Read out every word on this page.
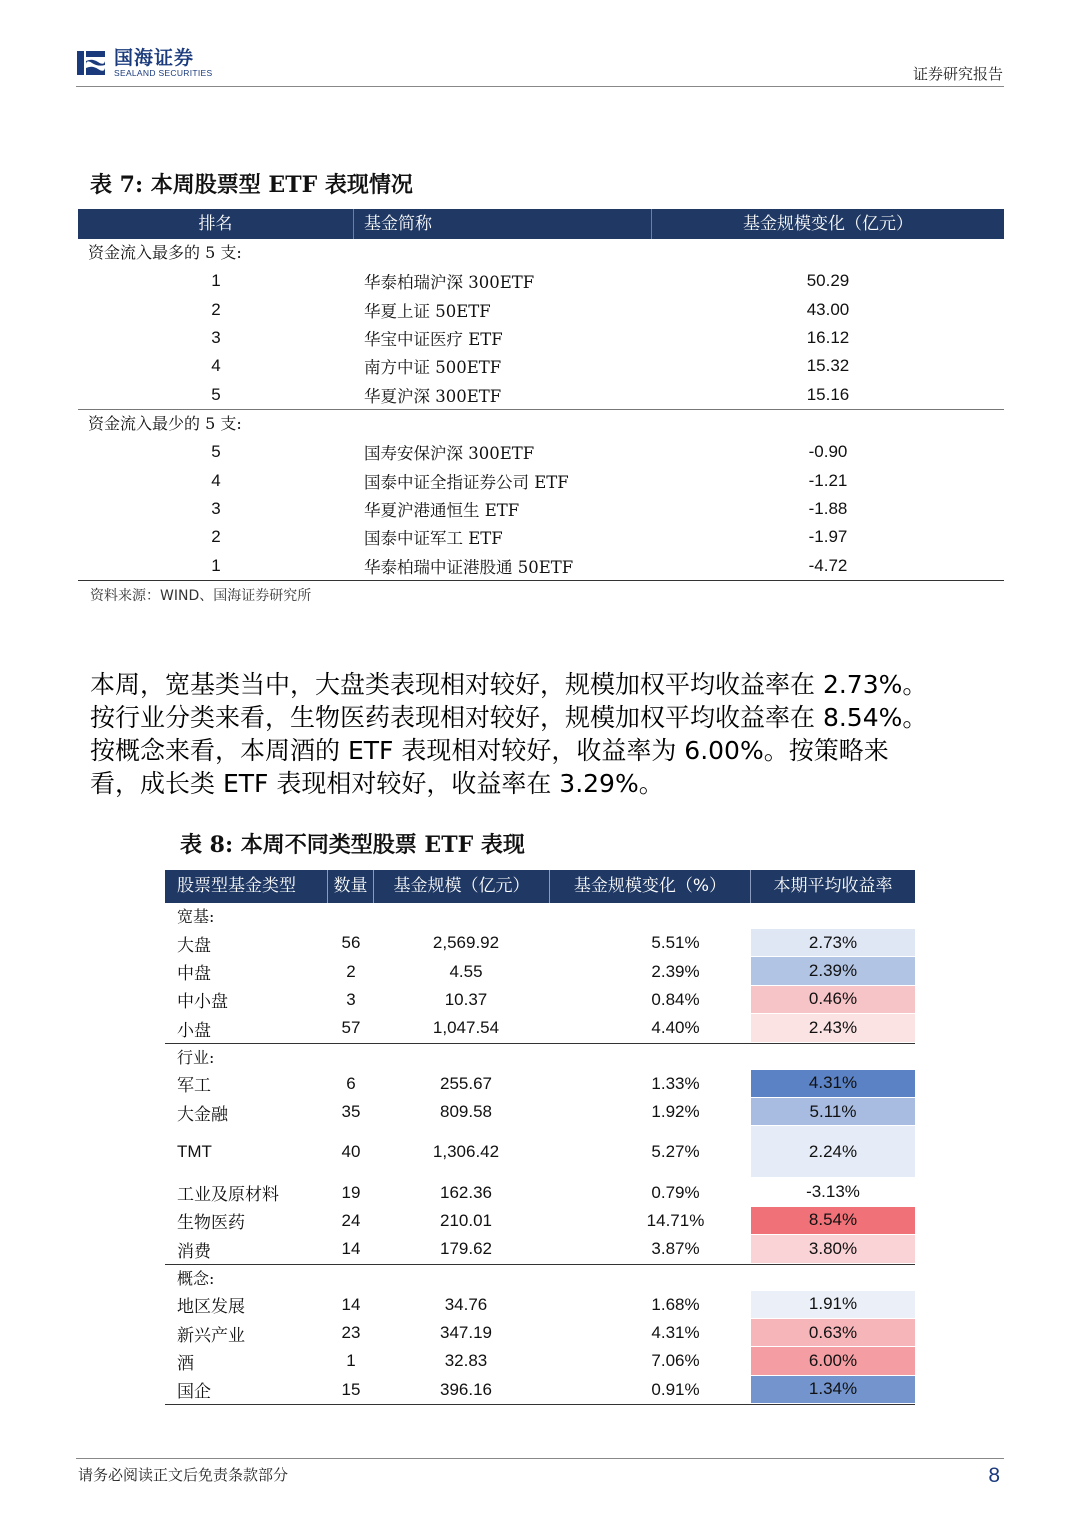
国海证券
SEALAND SECURITIES	证券研究报告
表 7: 本周股票型 ETF 表现情况
排名	基金简称	基金规模变化（亿元）
资金流入最多的 5 支:
1	华泰柏瑞沪深 300ETF	50.29
2	华夏上证 50ETF	43.00
3	华宝中证医疗 ETF	16.12
4	南方中证 500ETF	15.32
5	华夏沪深 300ETF	15.16
资金流入最少的 5 支:
5	国寿安保沪深 300ETF	-0.90
4	国泰中证全指证券公司 ETF	-1.21
3	华夏沪港通恒生 ETF	-1.88
2	国泰中证军工 ETF	-1.97
1	华泰柏瑞中证港股通 50ETF	-4.72
资料来源：WIND、国海证券研究所
本周，宽基类当中，大盘类表现相对较好，规模加权平均收益率在 2.73%。
按行业分类来看，生物医药表现相对较好，规模加权平均收益率在 8.54%。
按概念来看，本周酒的 ETF 表现相对较好，收益率为 6.00%。按策略来
看，成长类 ETF 表现相对较好，收益率在 3.29%。
表 8: 本周不同类型股票 ETF 表现
股票型基金类型	数量	基金规模（亿元）	基金规模变化（%）	本期平均收益率
宽基:
大盘	56	2,569.92	5.51%	2.73%
中盘	2	4.55	2.39%	2.39%
中小盘	3	10.37	0.84%	0.46%
小盘	57	1,047.54	4.40%	2.43%
行业:
军工	6	255.67	1.33%	4.31%
大金融	35	809.58	1.92%	5.11%
TMT	40	1,306.42	5.27%	2.24%
工业及原材料	19	162.36	0.79%	-3.13%
生物医药	24	210.01	14.71%	8.54%
消费	14	179.62	3.87%	3.80%
概念:
地区发展	14	34.76	1.68%	1.91%
新兴产业	23	347.19	4.31%	0.63%
酒	1	32.83	7.06%	6.00%
国企	15	396.16	0.91%	1.34%
请务必阅读正文后免责条款部分	8
